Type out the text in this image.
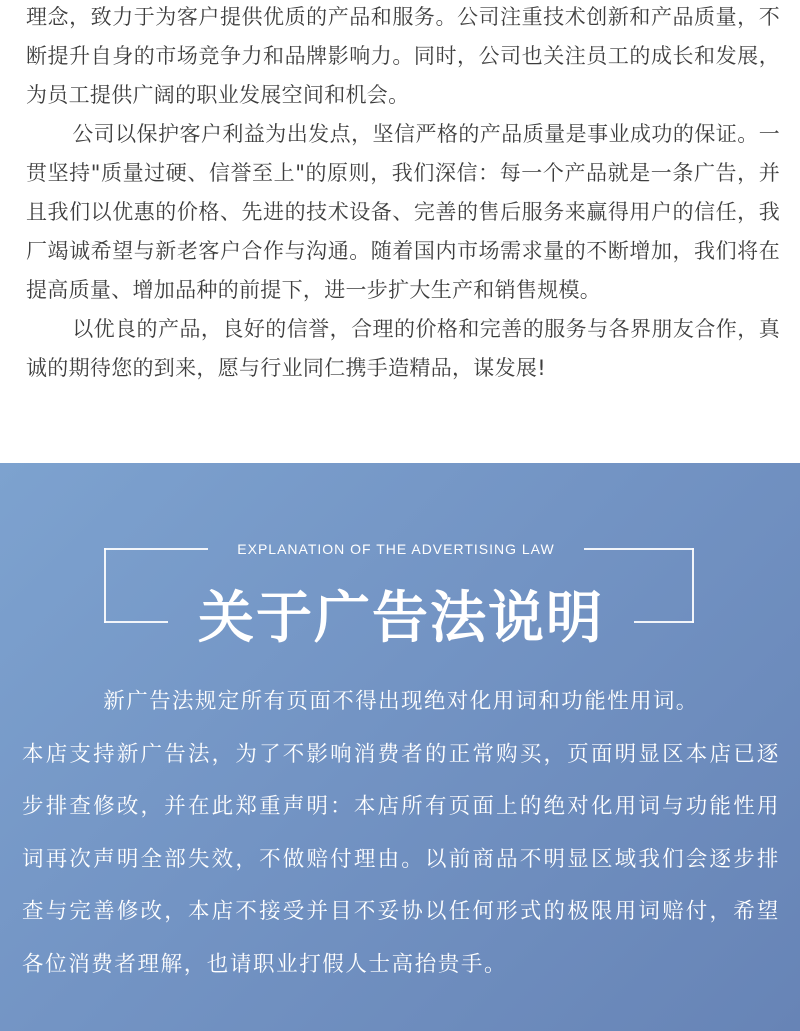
理念，致力于为客户提供优质的产品和服务。公司注重技术创新和产品质量，不断提升自身的市场竞争力和品牌影响力。同时，公司也关注员工的成长和发展，为员工提供广阔的职业发展空间和机会。

公司以保护客户利益为出发点，坚信严格的产品质量是事业成功的保证。一贯坚持"质量过硬、信誉至上"的原则，我们深信：每一个产品就是一条广告，并且我们以优惠的价格、先进的技术设备、完善的售后服务来赢得用户的信任，我厂竭诚希望与新老客户合作与沟通。随着国内市场需求量的不断增加，我们将在提高质量、增加品种的前提下，进一步扩大生产和销售规模。

以优良的产品，良好的信誉，合理的价格和完善的服务与各界朋友合作，真诚的期待您的到来，愿与行业同仁携手造精品，谋发展!

EXPLANATION OF THE ADVERTISING LAW
关于广告法说明
新广告法规定所有页面不得出现绝对化用词和功能性用词。
本店支持新广告法，为了不影响消费者的正常购买，页面明显区本店已逐步排查修改，并在此郑重声明：本店所有页面上的绝对化用词与功能性用词再次声明全部失效，不做赔付理由。以前商品不明显区域我们会逐步排查与完善修改，本店不接受并目不妥协以任何形式的极限用词赔付，希望各位消费者理解，也请职业打假人士高抬贵手。
